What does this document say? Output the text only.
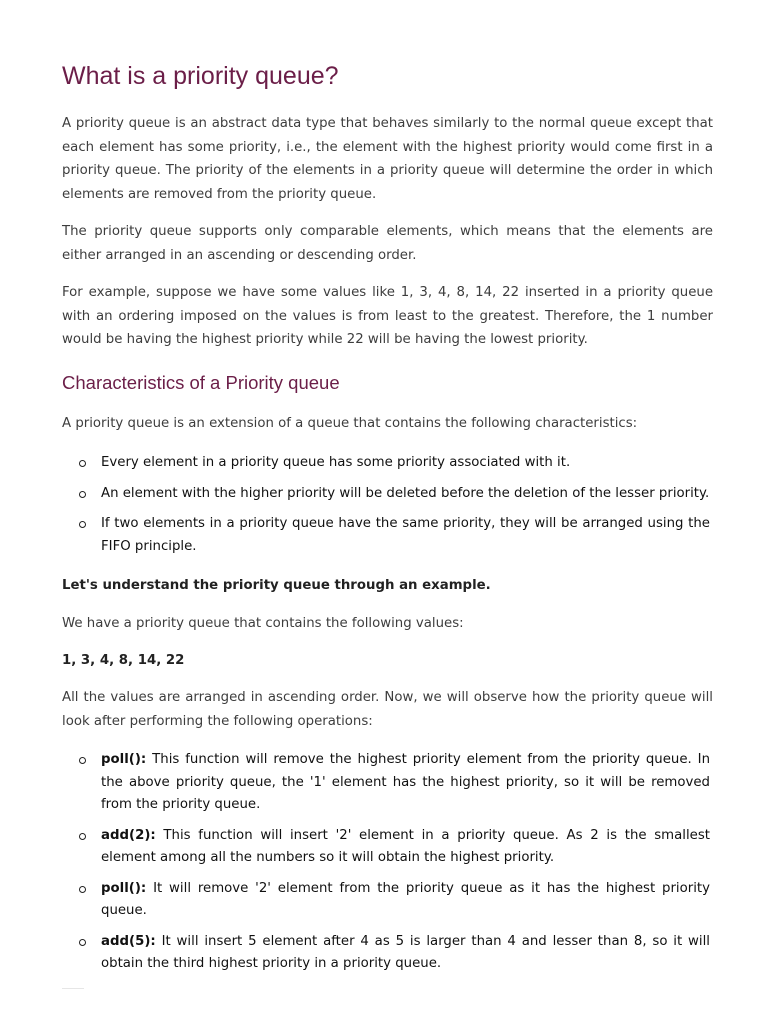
What is a priority queue?

A priority queue is an abstract data type that behaves similarly to the normal queue except that each element has some priority, i.e., the element with the highest priority would come first in a priority queue. The priority of the elements in a priority queue will determine the order in which elements are removed from the priority queue.

The priority queue supports only comparable elements, which means that the elements are either arranged in an ascending or descending order.

For example, suppose we have some values like 1, 3, 4, 8, 14, 22 inserted in a priority queue with an ordering imposed on the values is from least to the greatest. Therefore, the 1 number would be having the highest priority while 22 will be having the lowest priority.

Characteristics of a Priority queue

A priority queue is an extension of a queue that contains the following characteristics:

Every element in a priority queue has some priority associated with it.
An element with the higher priority will be deleted before the deletion of the lesser priority.
If two elements in a priority queue have the same priority, they will be arranged using the FIFO principle.

Let's understand the priority queue through an example.

We have a priority queue that contains the following values:

1, 3, 4, 8, 14, 22

All the values are arranged in ascending order. Now, we will observe how the priority queue will look after performing the following operations:

poll(): This function will remove the highest priority element from the priority queue. In the above priority queue, the '1' element has the highest priority, so it will be removed from the priority queue.
add(2): This function will insert '2' element in a priority queue. As 2 is the smallest element among all the numbers so it will obtain the highest priority.
poll(): It will remove '2' element from the priority queue as it has the highest priority queue.
add(5): It will insert 5 element after 4 as 5 is larger than 4 and lesser than 8, so it will obtain the third highest priority in a priority queue.
